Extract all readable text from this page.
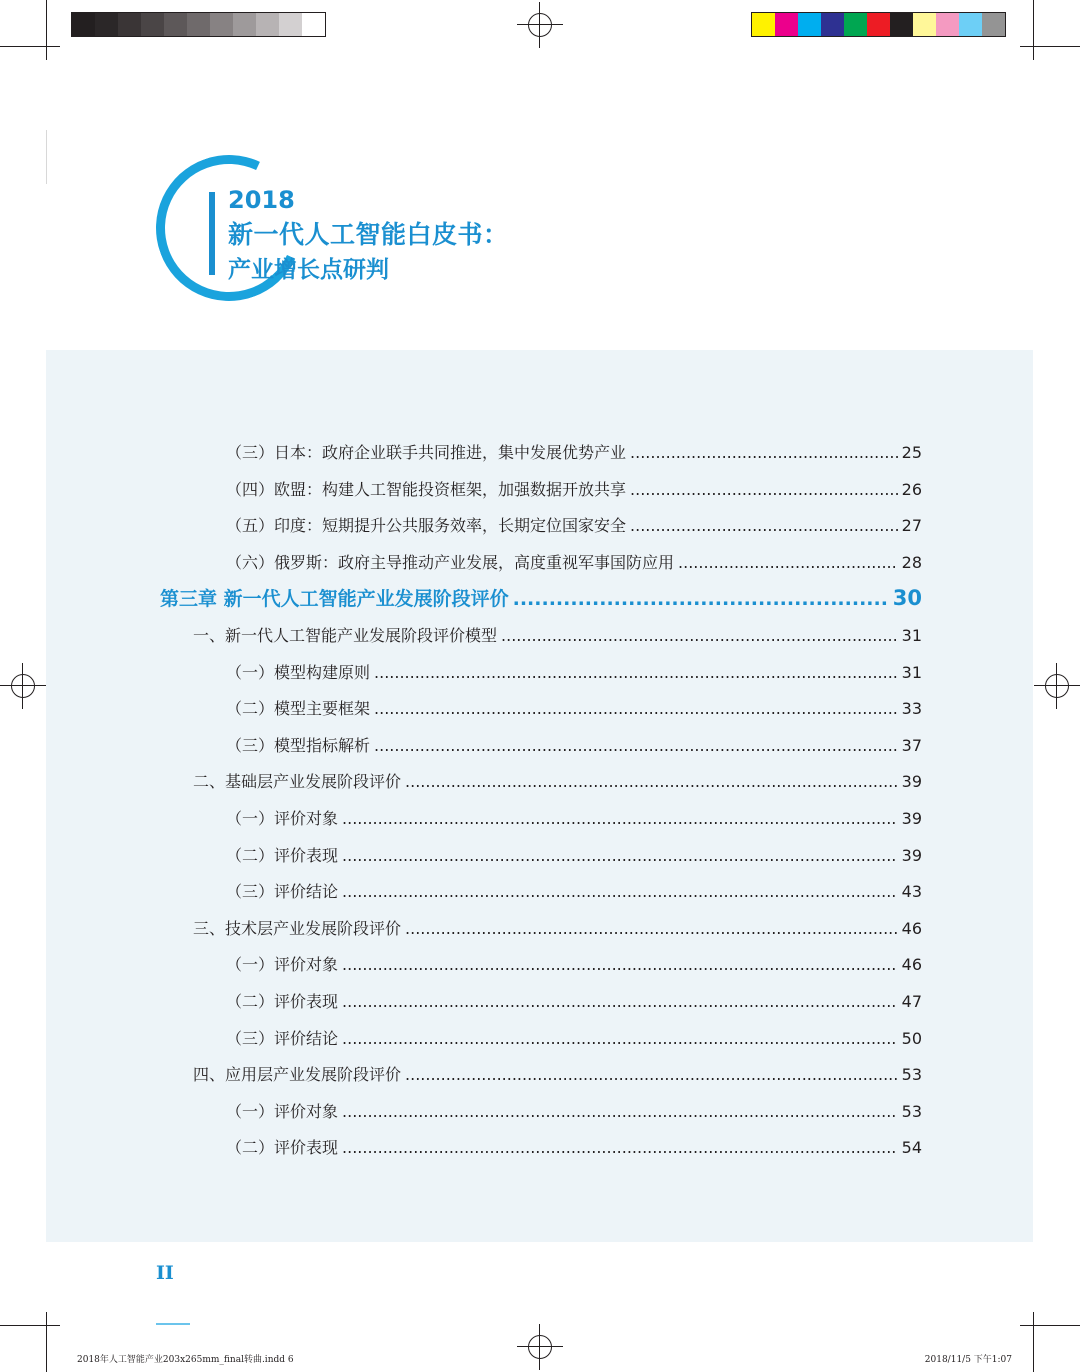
2018
新一代人工智能白皮书：
产业增长点研判
（三）日本：政府企业联手共同推进，集中发展优势产业 .....	25
（四）欧盟：构建人工智能投资框架，加强数据开放共享 .....	26
（五）印度：短期提升公共服务效率，长期定位国家安全 .....	27
（六）俄罗斯：政府主导推动产业发展，高度重视军事国防应用 .....	28
第三章 新一代人工智能产业发展阶段评价 .....	30
一、新一代人工智能产业发展阶段评价模型 .....	31
（一）模型构建原则 .....	31
（二）模型主要框架 .....	33
（三）模型指标解析 .....	37
二、基础层产业发展阶段评价 .....	39
（一）评价对象 .....	39
（二）评价表现 .....	39
（三）评价结论 .....	43
三、技术层产业发展阶段评价 .....	46
（一）评价对象 .....	46
（二）评价表现 .....	47
（三）评价结论 .....	50
四、应用层产业发展阶段评价 .....	53
（一）评价对象 .....	53
（二）评价表现 .....	54
II
2018年人工智能产业203x265mm_final转曲.indd 6	2018/11/5 下午1:07
